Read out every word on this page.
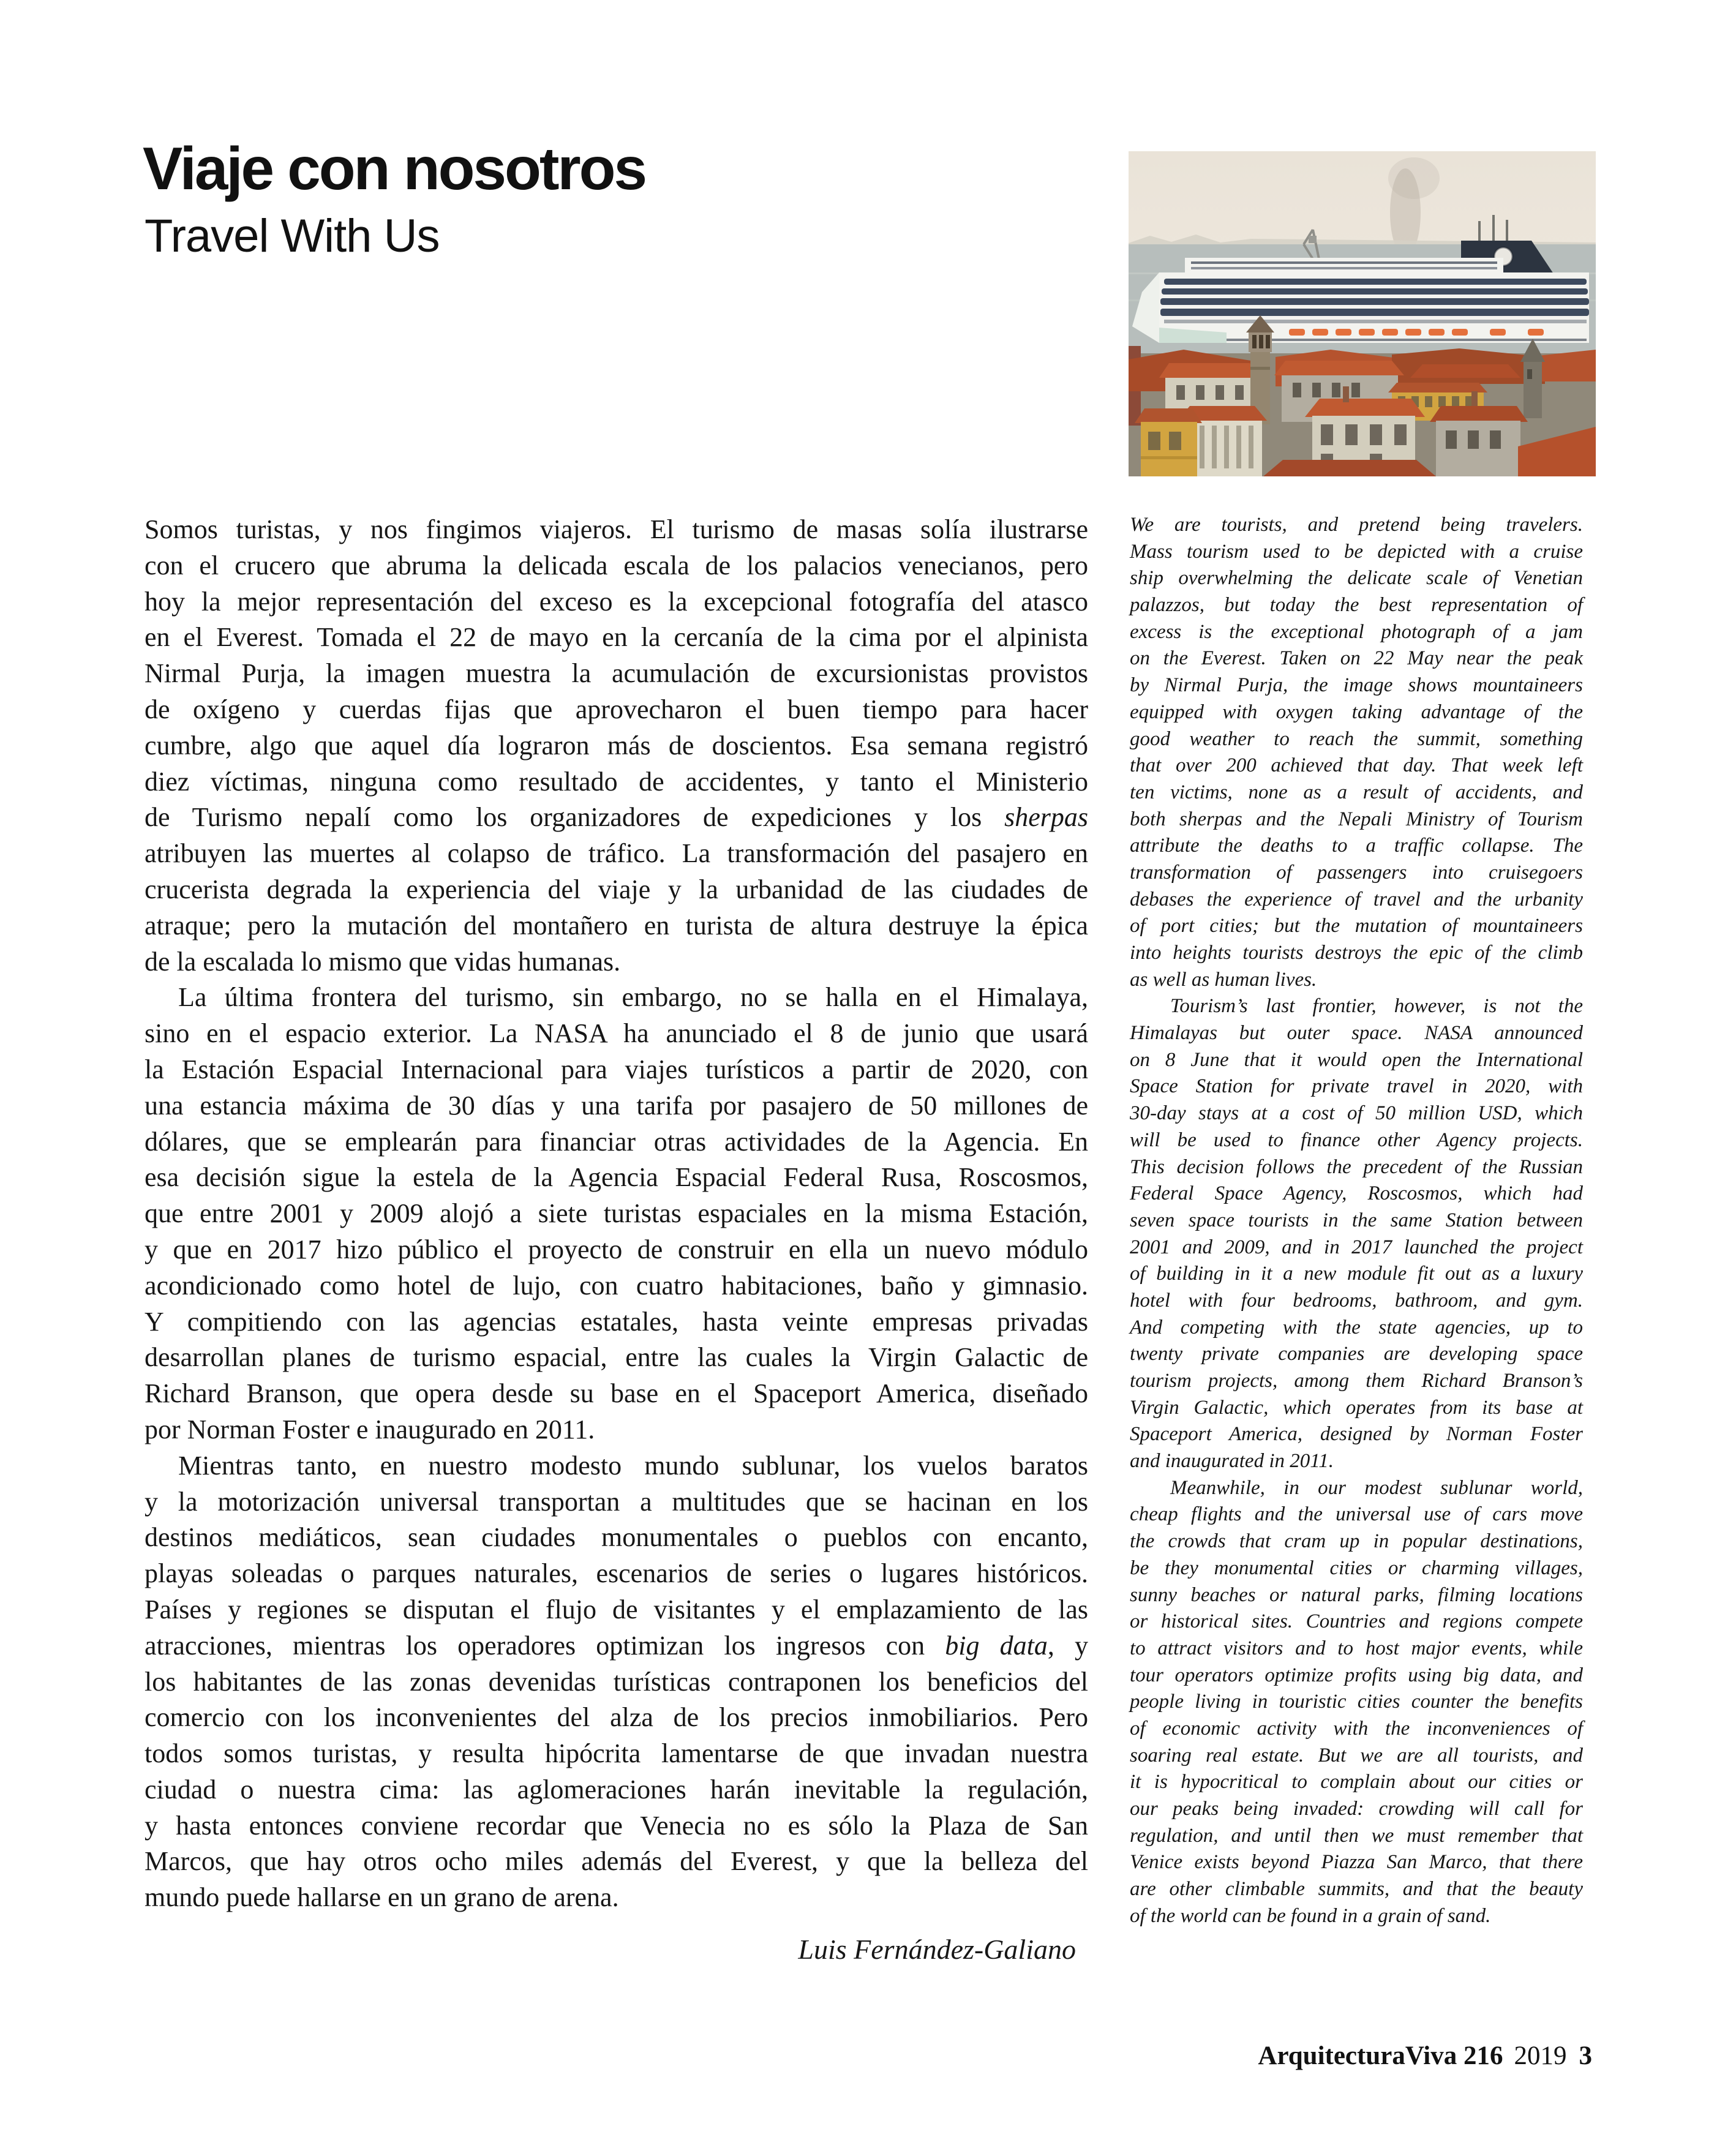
Viaje con nosotros
Travel With Us
Somos turistas, y nos fingimos viajeros. El turismo de masas solía ilustrarse
con el crucero que abruma la delicada escala de los palacios venecianos, pero
hoy la mejor representación del exceso es la excepcional fotografía del atasco
en el Everest. Tomada el 22 de mayo en la cercanía de la cima por el alpinista
Nirmal Purja, la imagen muestra la acumulación de excursionistas provistos
de oxígeno y cuerdas fijas que aprovecharon el buen tiempo para hacer
cumbre, algo que aquel día lograron más de doscientos. Esa semana registró
diez víctimas, ninguna como resultado de accidentes, y tanto el Ministerio
de Turismo nepalí como los organizadores de expediciones y los sherpas
atribuyen las muertes al colapso de tráfico. La transformación del pasajero en
crucerista degrada la experiencia del viaje y la urbanidad de las ciudades de
atraque; pero la mutación del montañero en turista de altura destruye la épica
de la escalada lo mismo que vidas humanas.
La última frontera del turismo, sin embargo, no se halla en el Himalaya,
sino en el espacio exterior. La NASA ha anunciado el 8 de junio que usará
la Estación Espacial Internacional para viajes turísticos a partir de 2020, con
una estancia máxima de 30 días y una tarifa por pasajero de 50 millones de
dólares, que se emplearán para financiar otras actividades de la Agencia. En
esa decisión sigue la estela de la Agencia Espacial Federal Rusa, Roscosmos,
que entre 2001 y 2009 alojó a siete turistas espaciales en la misma Estación,
y que en 2017 hizo público el proyecto de construir en ella un nuevo módulo
acondicionado como hotel de lujo, con cuatro habitaciones, baño y gimnasio.
Y compitiendo con las agencias estatales, hasta veinte empresas privadas
desarrollan planes de turismo espacial, entre las cuales la Virgin Galactic de
Richard Branson, que opera desde su base en el Spaceport America, diseñado
por Norman Foster e inaugurado en 2011.
Mientras tanto, en nuestro modesto mundo sublunar, los vuelos baratos
y la motorización universal transportan a multitudes que se hacinan en los
destinos mediáticos, sean ciudades monumentales o pueblos con encanto,
playas soleadas o parques naturales, escenarios de series o lugares históricos.
Países y regiones se disputan el flujo de visitantes y el emplazamiento de las
atracciones, mientras los operadores optimizan los ingresos con big data, y
los habitantes de las zonas devenidas turísticas contraponen los beneficios del
comercio con los inconvenientes del alza de los precios inmobiliarios. Pero
todos somos turistas, y resulta hipócrita lamentarse de que invadan nuestra
ciudad o nuestra cima: las aglomeraciones harán inevitable la regulación,
y hasta entonces conviene recordar que Venecia no es sólo la Plaza de San
Marcos, que hay otros ocho miles además del Everest, y que la belleza del
mundo puede hallarse en un grano de arena.
Luis Fernández-Galiano
We are tourists, and pretend being travelers.
Mass tourism used to be depicted with a cruise
ship overwhelming the delicate scale of Venetian
palazzos, but today the best representation of
excess is the exceptional photograph of a jam
on the Everest. Taken on 22 May near the peak
by Nirmal Purja, the image shows mountaineers
equipped with oxygen taking advantage of the
good weather to reach the summit, something
that over 200 achieved that day. That week left
ten victims, none as a result of accidents, and
both sherpas and the Nepali Ministry of Tourism
attribute the deaths to a traffic collapse. The
transformation of passengers into cruisegoers
debases the experience of travel and the urbanity
of port cities; but the mutation of mountaineers
into heights tourists destroys the epic of the climb
as well as human lives.
Tourism’s last frontier, however, is not the
Himalayas but outer space. NASA announced
on 8 June that it would open the International
Space Station for private travel in 2020, with
30-day stays at a cost of 50 million USD, which
will be used to finance other Agency projects.
This decision follows the precedent of the Russian
Federal Space Agency, Roscosmos, which had
seven space tourists in the same Station between
2001 and 2009, and in 2017 launched the project
of building in it a new module fit out as a luxury
hotel with four bedrooms, bathroom, and gym.
And competing with the state agencies, up to
twenty private companies are developing space
tourism projects, among them Richard Branson’s
Virgin Galactic, which operates from its base at
Spaceport America, designed by Norman Foster
and inaugurated in 2011.
Meanwhile, in our modest sublunar world,
cheap flights and the universal use of cars move
the crowds that cram up in popular destinations,
be they monumental cities or charming villages,
sunny beaches or natural parks, filming locations
or historical sites. Countries and regions compete
to attract visitors and to host major events, while
tour operators optimize profits using big data, and
people living in touristic cities counter the benefits
of economic activity with the inconveniences of
soaring real estate. But we are all tourists, and
it is hypocritical to complain about our cities or
our peaks being invaded: crowding will call for
regulation, and until then we must remember that
Venice exists beyond Piazza San Marco, that there
are other climbable summits, and that the beauty
of the world can be found in a grain of sand.
ArquitecturaViva 216 2019 3
